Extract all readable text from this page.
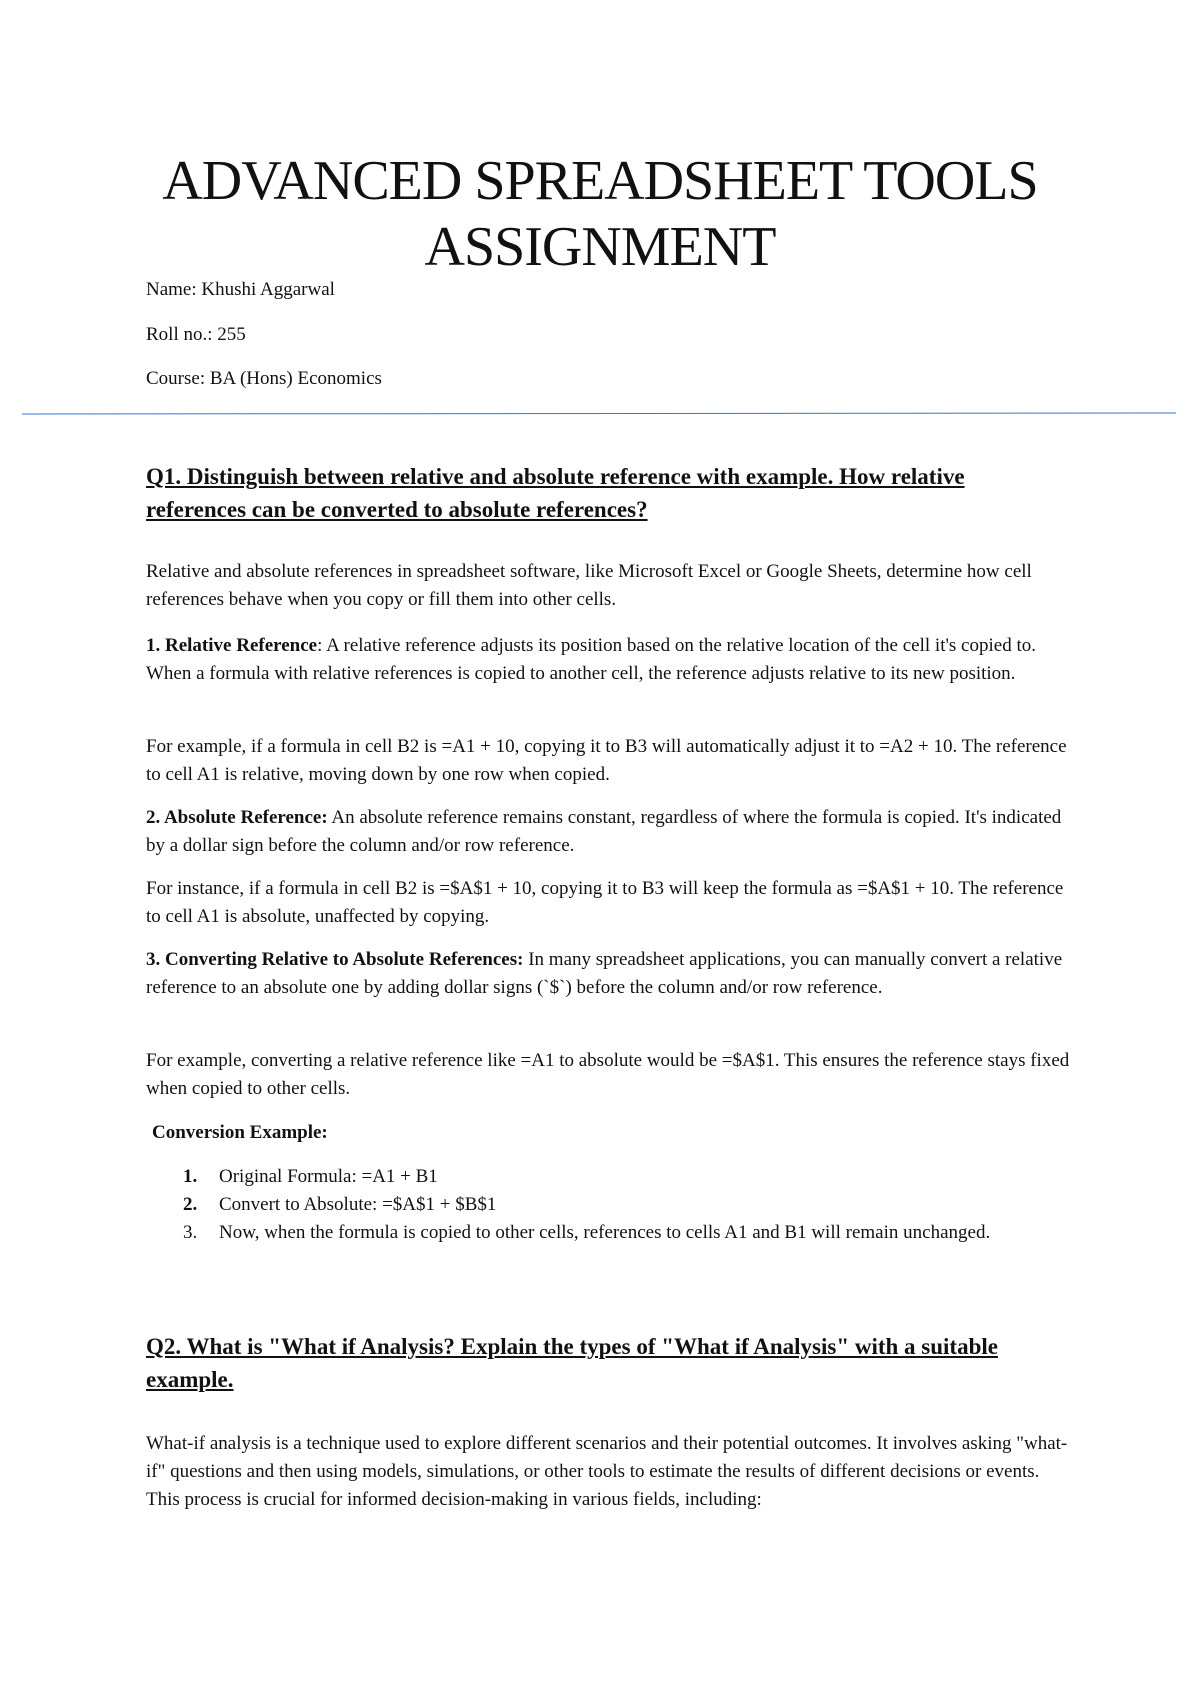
ADVANCED SPREADSHEET TOOLS ASSIGNMENT
Name: Khushi Aggarwal
Roll no.: 255
Course: BA (Hons) Economics
Q1. Distinguish between relative and absolute reference with example. How relative references can be converted to absolute references?

Relative and absolute references in spreadsheet software, like Microsoft Excel or Google Sheets, determine how cell references behave when you copy or fill them into other cells.

1. Relative Reference: A relative reference adjusts its position based on the relative location of the cell it's copied to. When a formula with relative references is copied to another cell, the reference adjusts relative to its new position.

For example, if a formula in cell B2 is =A1 + 10, copying it to B3 will automatically adjust it to =A2 + 10. The reference to cell A1 is relative, moving down by one row when copied.

2. Absolute Reference: An absolute reference remains constant, regardless of where the formula is copied. It's indicated by a dollar sign before the column and/or row reference.

For instance, if a formula in cell B2 is =$A$1 + 10, copying it to B3 will keep the formula as =$A$1 + 10. The reference to cell A1 is absolute, unaffected by copying.

3. Converting Relative to Absolute References: In many spreadsheet applications, you can manually convert a relative reference to an absolute one by adding dollar signs (`$`) before the column and/or row reference.

For example, converting a relative reference like =A1 to absolute would be =$A$1. This ensures the reference stays fixed when copied to other cells.

Conversion Example:

1.	Original Formula: =A1 + B1
2.	Convert to Absolute: =$A$1 + $B$1
3.	Now, when the formula is copied to other cells, references to cells A1 and B1 will remain unchanged.
Q2. What is "What if Analysis? Explain the types of "What if Analysis" with a suitable example.

What-if analysis is a technique used to explore different scenarios and their potential outcomes. It involves asking "what-if" questions and then using models, simulations, or other tools to estimate the results of different decisions or events. This process is crucial for informed decision-making in various fields, including:
